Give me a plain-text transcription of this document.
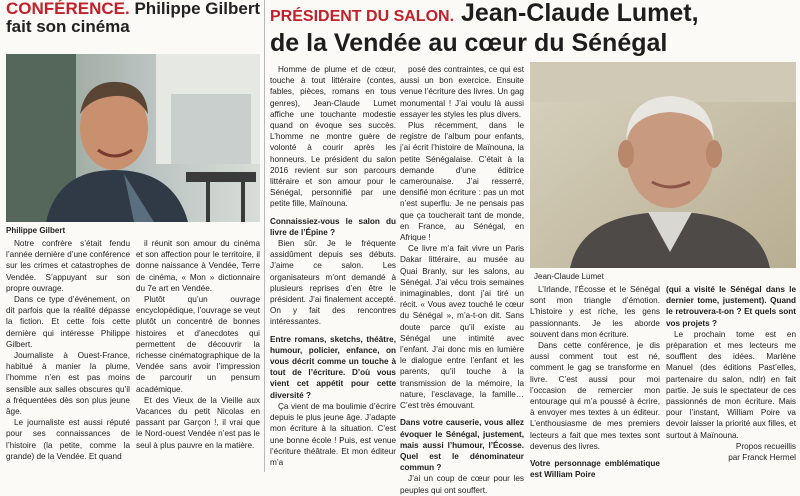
CONFÉRENCE. Philippe Gilbert
fait son cinéma
PRÉSIDENT DU SALON. Jean-Claude Lumet,
de la Vendée au cœur du Sénégal
Philippe Gilbert

Notre confrère s’était fendu l’année dernière d’une conférence sur les crimes et catastrophes de Vendée. S’appuyant sur son propre ouvrage.

Dans ce type d’événement, on dit parfois que la réalité dépasse la fiction. Et cette fois cette dernière qui intéresse Philippe Gilbert.

Journaliste à Ouest-France, habitué à manier la plume, l’homme n’en est pas moins sensible aux salles obscures qu’il a fréquentées dès son plus jeune âge.

Le journaliste est aussi réputé pour ses connaissances de l’histoire (la petite, comme la grande) de la Vendée. Et quand

il réunit son amour du cinéma et son affection pour le territoire, il donne naissance à Vendée, Terre de cinéma, « Mon » dictionnaire du 7e art en Vendée.

Plutôt qu’un ouvrage encyclopédique, l’ouvrage se veut plutôt un concentré de bonnes histoires et d’anecdotes qui permettent de découvrir la richesse cinématographique de la Vendée sans avoir l’impression de parcourir un pensum académique.

Et des Vieux de la Vieille aux Vacances du petit Nicolas en passant par Garçon !, il vrai que le Nord-ouest Vendée n’est pas le seul à plus pauvre en la matière.

Homme de plume et de cœur, touche à tout littéraire (contes, fables, pièces, romans en tous genres), Jean-Claude Lumet affiche une touchante modestie quand on évoque ses succès. L’homme ne montre guère de volonté à courir après les honneurs. Le président du salon 2016 revient sur son parcours littéraire et son amour pour le Sénégal, personnifié par une petite fille, Maïnouna.

Connaissiez-vous le salon du livre de l’Épine ?

Bien sûr. Je le fréquente assidûment depuis ses débuts. J’aime ce salon. Les organisateurs m’ont demandé à plusieurs reprises d’en être le président. J’ai finalement accepté. On y fait des rencontres intéressantes.

Entre romans, sketchs, théâtre, humour, policier, enfance, on vous décrit comme un touche à tout de l’écriture. D’où vous vient cet appétit pour cette diversité ?

Ça vient de ma boulimie d’écrire depuis le plus jeune âge. J’adapte mon écriture à la situation. C’est une bonne école ! Puis, est venue l’écriture théâtrale. Et mon éditeur m’a

posé des contraintes, ce qui est aussi un bon exercice. Ensuite venue l’écriture des livres. Un gag monumental ! J’ai voulu là aussi essayer les styles les plus divers.

Plus récemment, dans le registre de l’album pour enfants, j’ai écrit l’histoire de Maïnouna, la petite Sénégalaise. C’était à la demande d’une éditrice camerounaise. J’ai resserré, densifié mon écriture : pas un mot n’est superflu. Je ne pensais pas que ça toucherait tant de monde, en France, au Sénégal, en Afrique !

Ce livre m’a fait vivre un Paris Dakar littéraire, au musée au Quai Branly, sur les salons, au Sénégal. J’ai vécu trois semaines inimaginables, dont j’ai tiré un récit. « Vous avez touché le cœur du Sénégal », m’a-t-on dit. Sans doute parce qu’il existe au Sénégal une intimité avec l’enfant. J’ai donc mis en lumière le dialogue entre l’enfant et les parents, qu’il touche à la transmission de la mémoire, la nature, l’esclavage, la famille… C’est très émouvant.

Dans votre causerie, vous allez évoquer le Sénégal, justement, mais aussi l’humour, l’Écosse. Quel est le dénominateur commun ?

J’ai un coup de cœur pour les peuples qui ont souffert.

Jean-Claude Lumet

L’Irlande, l’Écosse et le Sénégal sont mon triangle d’émotion. L’histoire y est riche, les gens passionnants. Je les aborde souvent dans mon écriture.

Dans cette conférence, je dis aussi comment tout est né, comment le gag se transforme en livre. C’est aussi pour moi l’occasion de remercier mon entourage qui m’a poussé à écrire, à envoyer mes textes à un éditeur. L’enthousiasme de mes premiers lecteurs a fait que mes textes sont devenus des livres.

Votre personnage emblématique est William Poire

(qui a visité le Sénégal dans le dernier tome, justement). Quand le retrouvera-t-on ? Et quels sont vos projets ?

Le prochain tome est en préparation et mes lecteurs me soufflent des idées. Marlène Manuel (des éditions Past’elles, partenaire du salon, ndlr) en fait partie. Je suis le spectateur de ces passionnés de mon écriture. Mais pour l’instant, William Poire va devoir laisser la priorité aux filles, et surtout à Maïnouna.

Propos recueillis

par Franck Hermel
